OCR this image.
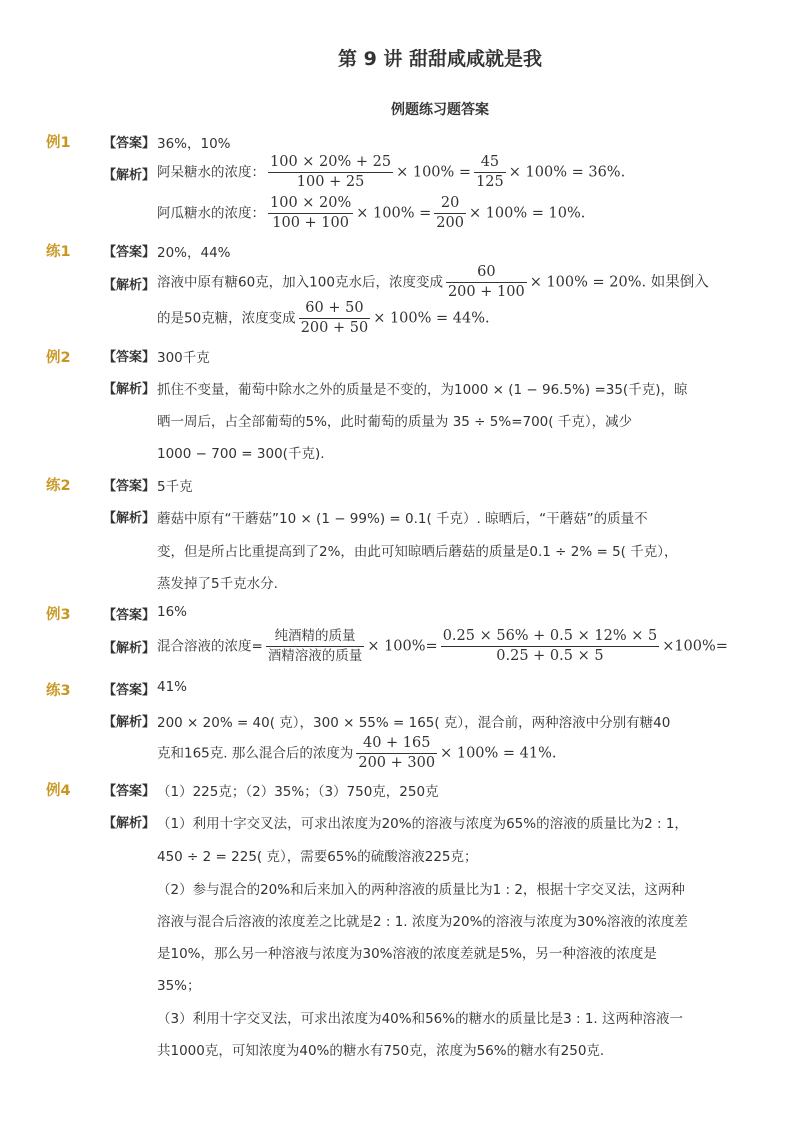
第 9 讲 甜甜咸咸就是我
例题练习题答案
例1 【答案】 36%，10%
【解析】 阿呆糖水的浓度： $\frac{100 \times 20\% + 25}{100 + 25} \times 100\% = \frac{45}{125} \times 100\% = 36\%$.
阿瓜糖水的浓度： $\frac{100 \times 20\%}{100 + 100} \times 100\% = \frac{20}{200} \times 100\% = 10\%$.
练1 【答案】 20%，44%
【解析】 溶液中原有糖60克，加入100克水后，浓度变成 $\frac{60}{200 + 100} \times 100\% = 20\%$. 如果倒入
的是50克糖，浓度变成 $\frac{60 + 50}{200 + 50} \times 100\% = 44\%$.
例2 【答案】 300千克
【解析】 抓住不变量，葡萄中除水之外的质量是不变的，为1000 × (1 − 96.5%) =35(千克)，晾
晒一周后，占全部葡萄的5%，此时葡萄的质量为 35 ÷ 5%=700( 千克），减少
1000 − 700 = 300(千克).
练2 【答案】 5千克
【解析】 蘑菇中原有“干蘑菇”10 × (1 − 99%) = 0.1( 千克）. 晾晒后，“干蘑菇”的质量不
变，但是所占比重提高到了2%，由此可知晾晒后蘑菇的质量是0.1 ÷ 2% = 5( 千克），
蒸发掉了5千克水分.
例3 【答案】 16%
【解析】 混合溶液的浓度= $\frac{\text{纯酒精的质量}}{\text{酒精溶液的质量}} \times 100\%= \frac{0.25 \times 56\% + 0.5 \times 12\% \times 5}{0.25 + 0.5 \times 5} \times 100\%=$
练3 【答案】 41%
【解析】 200 × 20% = 40( 克），300 × 55% = 165( 克），混合前，两种溶液中分别有糖40
克和165克. 那么混合后的浓度为 $\frac{40 + 165}{200 + 300} \times 100\% = 41\%$.
例4 【答案】 （1）225克；（2）35%；（3）750克，250克
【解析】 （1）利用十字交叉法，可求出浓度为20%的溶液与浓度为65%的溶液的质量比为2 : 1，
450 ÷ 2 = 225( 克），需要65%的硫酸溶液225克；
（2）参与混合的20%和后来加入的两种溶液的质量比为1 : 2，根据十字交叉法，这两种
溶液与混合后溶液的浓度差之比就是2 : 1. 浓度为20%的溶液与浓度为30%溶液的浓度差
是10%，那么另一种溶液与浓度为30%溶液的浓度差就是5%，另一种溶液的浓度是
35%；
（3）利用十字交叉法，可求出浓度为40%和56%的糖水的质量比是3 : 1. 这两种溶液一
共1000克，可知浓度为40%的糖水有750克，浓度为56%的糖水有250克.
